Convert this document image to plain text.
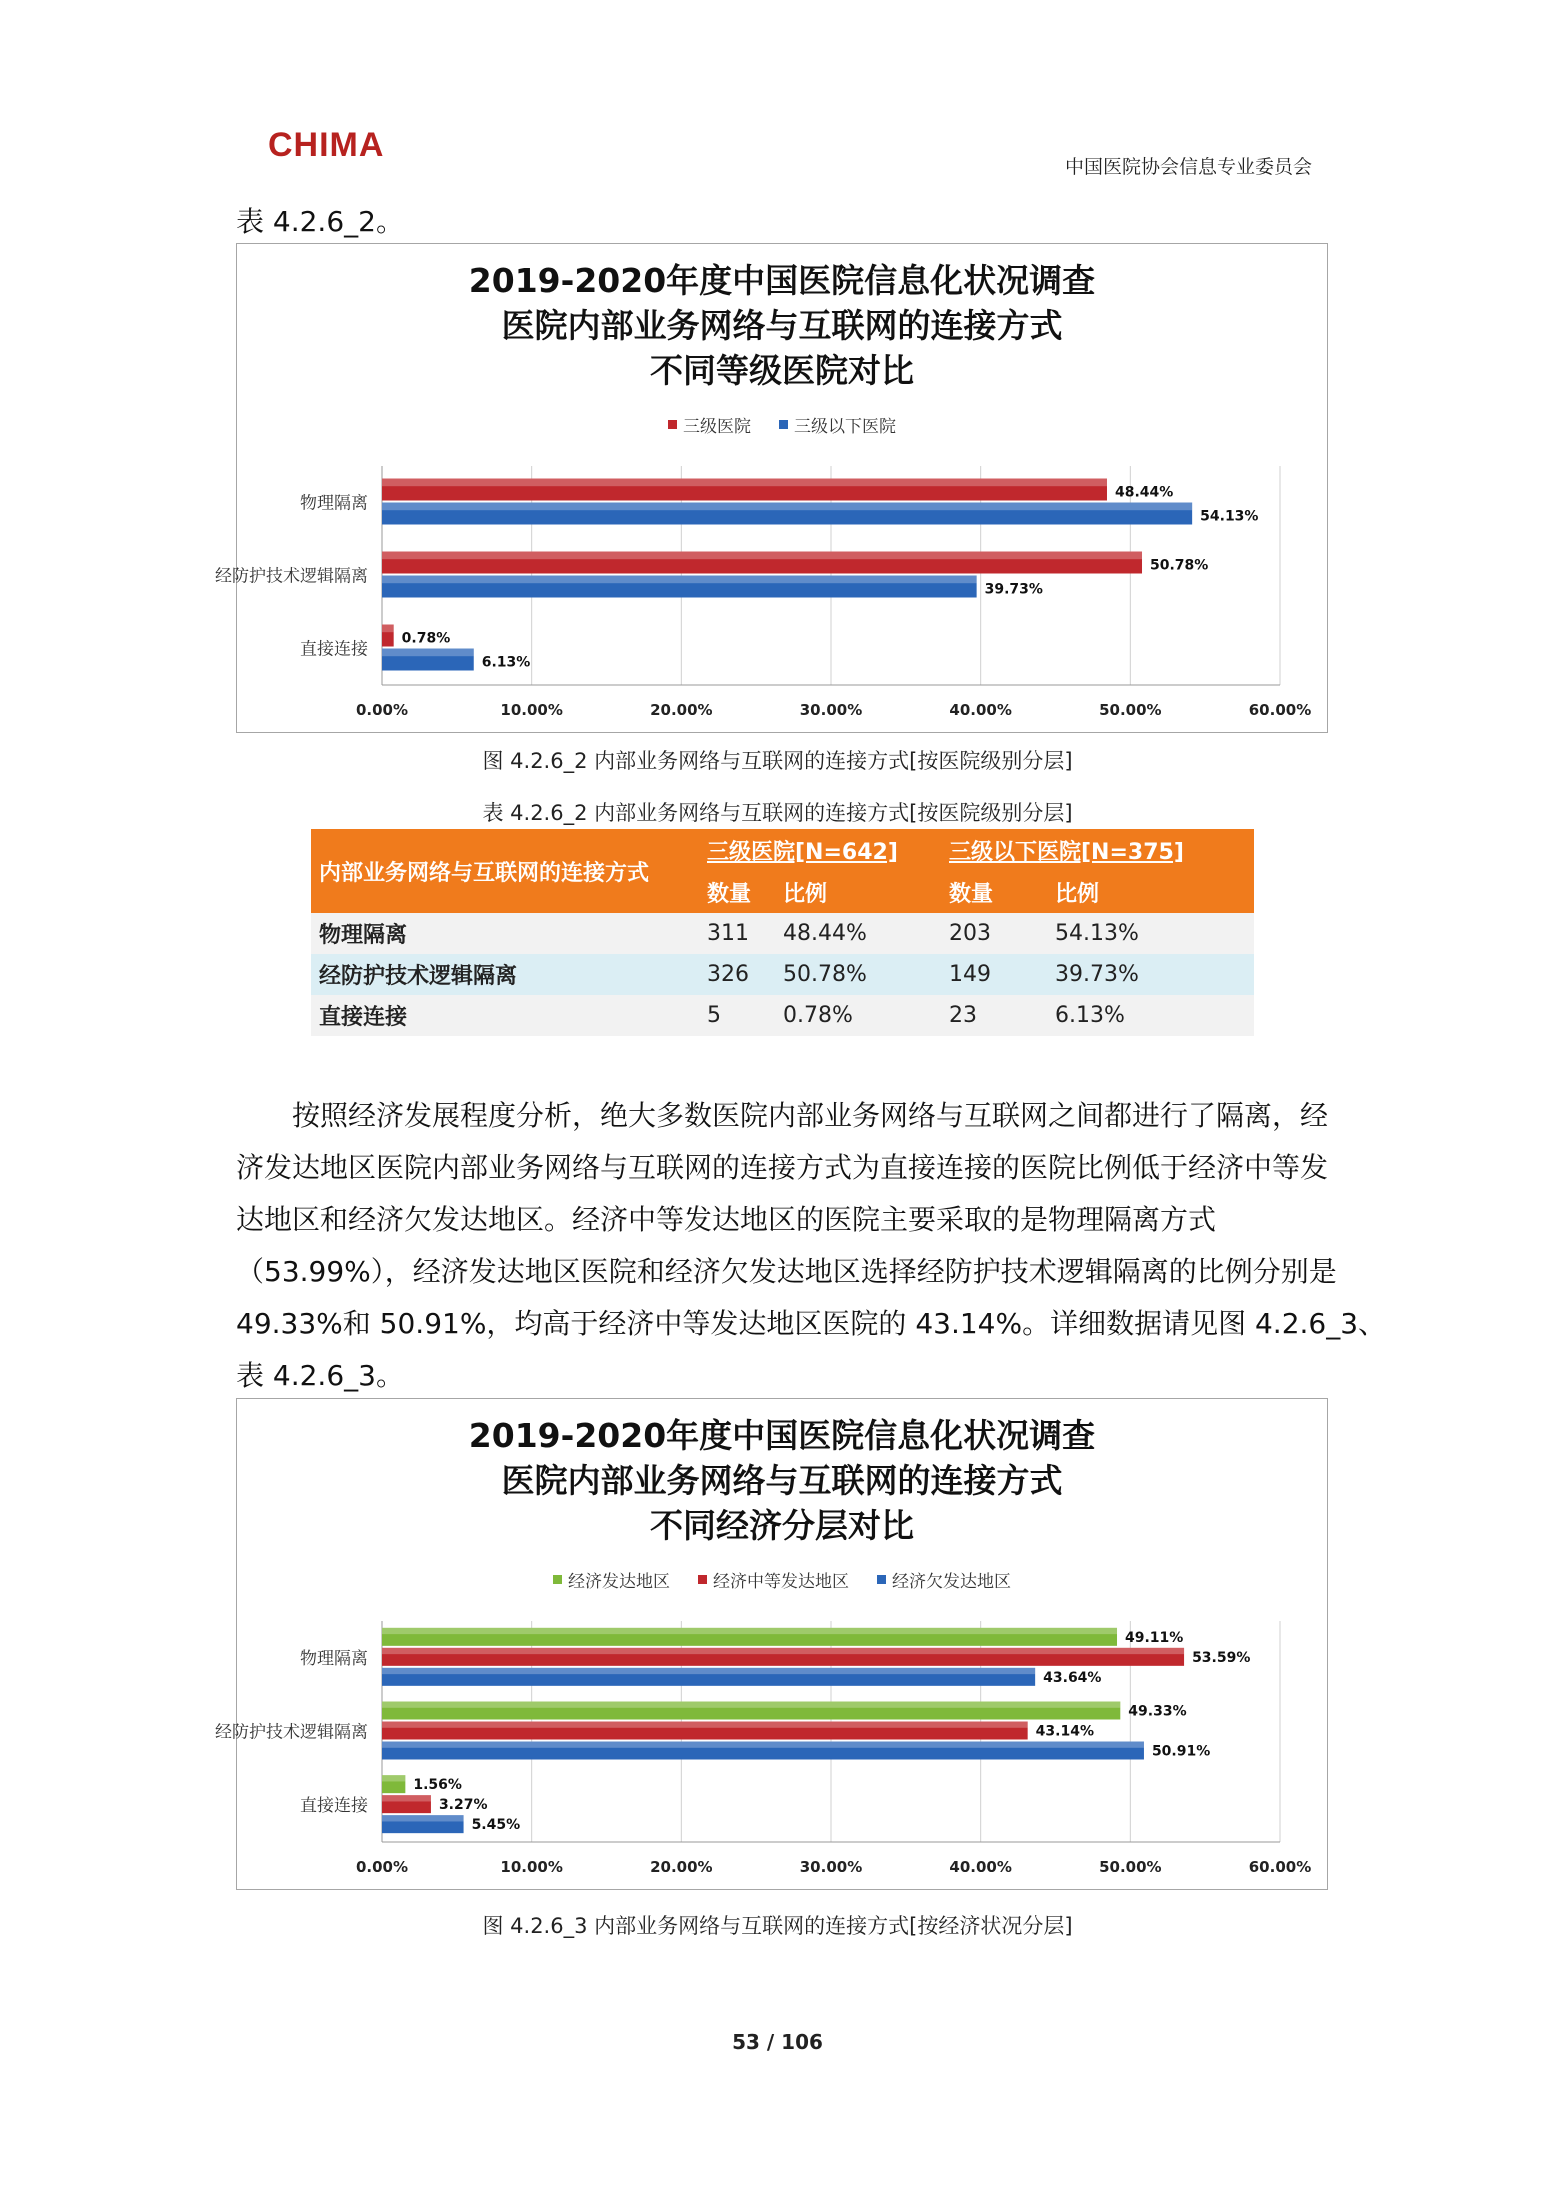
CHIMA
中国医院协会信息专业委员会
表 4.2.6_2。
2019-2020年度中国医院信息化状况调查
医院内部业务网络与互联网的连接方式
不同等级医院对比
三级医院	三级以下医院
0.00%	10.00%	20.00%	30.00%	40.00%	50.00%	60.00%
物理隔离
48.44%
54.13%
经防护技术逻辑隔离
50.78%
39.73%
直接连接
0.78%
6.13%
图 4.2.6_2 内部业务网络与互联网的连接方式[按医院级别分层]
表 4.2.6_2 内部业务网络与互联网的连接方式[按医院级别分层]
内部业务网络与互联网的连接方式	三级医院[N=642]		三级以下医院[N=375]	
	数量	比例	数量	比例
物理隔离	311	48.44%	203	54.13%
经防护技术逻辑隔离	326	50.78%	149	39.73%
直接连接	5	0.78%	23	6.13%
　　按照经济发展程度分析，绝大多数医院内部业务网络与互联网之间都进行了隔离，经
济发达地区医院内部业务网络与互联网的连接方式为直接连接的医院比例低于经济中等发
达地区和经济欠发达地区。经济中等发达地区的医院主要采取的是物理隔离方式
（53.99%），经济发达地区医院和经济欠发达地区选择经防护技术逻辑隔离的比例分别是
49.33%和 50.91%，均高于经济中等发达地区医院的 43.14%。详细数据请见图 4.2.6_3、
表 4.2.6_3。
2019-2020年度中国医院信息化状况调查
医院内部业务网络与互联网的连接方式
不同经济分层对比
经济发达地区	经济中等发达地区	经济欠发达地区
0.00%	10.00%	20.00%	30.00%	40.00%	50.00%	60.00%
物理隔离
49.11%
53.59%
43.64%
经防护技术逻辑隔离
49.33%
43.14%
50.91%
直接连接
1.56%
3.27%
5.45%
图 4.2.6_3 内部业务网络与互联网的连接方式[按经济状况分层]
53 / 106
